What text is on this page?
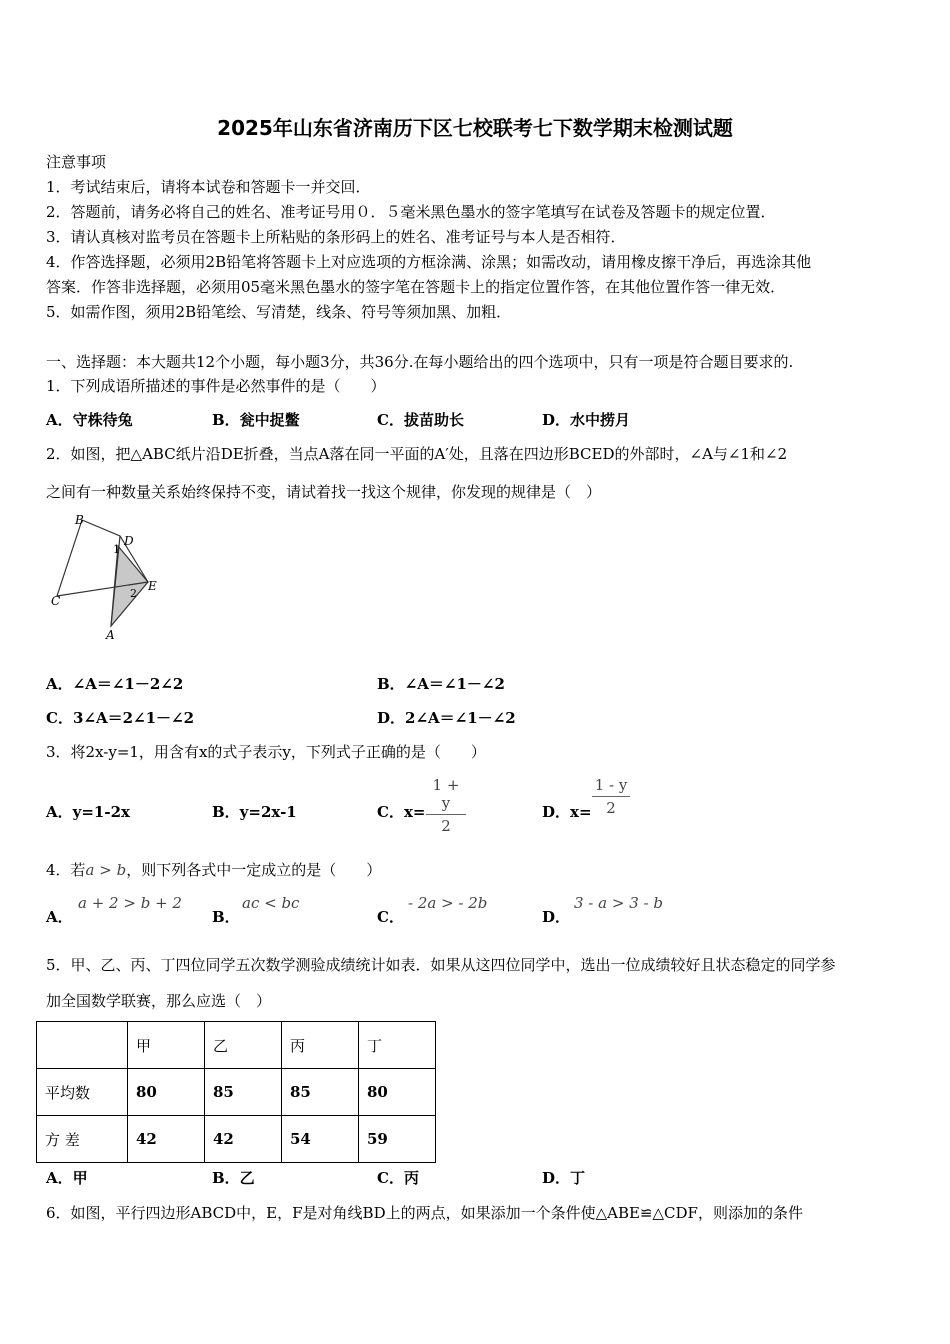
2025年山东省济南历下区七校联考七下数学期末检测试题
注意事项
1．考试结束后，请将本试卷和答题卡一并交回．
2．答题前，请务必将自己的姓名、准考证号用０．５毫米黑色墨水的签字笔填写在试卷及答题卡的规定位置．
3．请认真核对监考员在答题卡上所粘贴的条形码上的姓名、准考证号与本人是否相符．
4．作答选择题，必须用2B铅笔将答题卡上对应选项的方框涂满、涂黑；如需改动，请用橡皮擦干净后，再选涂其他
答案．作答非选择题，必须用05毫米黑色墨水的签字笔在答题卡上的指定位置作答，在其他位置作答一律无效．
5．如需作图，须用2B铅笔绘、写清楚，线条、符号等须加黑、加粗．
一、选择题：本大题共12个小题，每小题3分，共36分.在每小题给出的四个选项中，只有一项是符合题目要求的.
1．下列成语所描述的事件是必然事件的是（　　）
A．守株待兔	B．瓮中捉鳖	C．拔苗助长	D．水中捞月
2．如图，把△ABC纸片沿DE折叠，当点A落在同一平面的A′处，且落在四边形BCED的外部时，∠A与∠1和∠2
之间有一种数量关系始终保持不变，请试着找一找这个规律，你发现的规律是（　）
B
D
1
E
2
C
A
A．∠A＝∠1－2∠2	B．∠A＝∠1－∠2
C．3∠A＝2∠1－∠2	D．2∠A＝∠1－∠2
3．将2x-y=1，用含有x的式子表示y，下列式子正确的是（　　）
A．y=1-2x	B．y=2x-1	C．x=
1 + y
2
D．x=
1 - y
2
4．若a > b，则下列各式中一定成立的是（　　）
A．
a + 2 > b + 2
B．
ac < bc
C．
- 2a > - 2b
D．
3 - a > 3 - b
5．甲、乙、丙、丁四位同学五次数学测验成绩统计如表．如果从这四位同学中，选出一位成绩较好且状态稳定的同学参
加全国数学联赛，那么应选（　）
	甲	乙	丙	丁
平均数	80	85	85	80
方 差	42	42	54	59
A．甲	B．乙	C．丙	D．丁
6．如图，平行四边形ABCD中，E，F是对角线BD上的两点，如果添加一个条件使△ABE≌△CDF，则添加的条件
